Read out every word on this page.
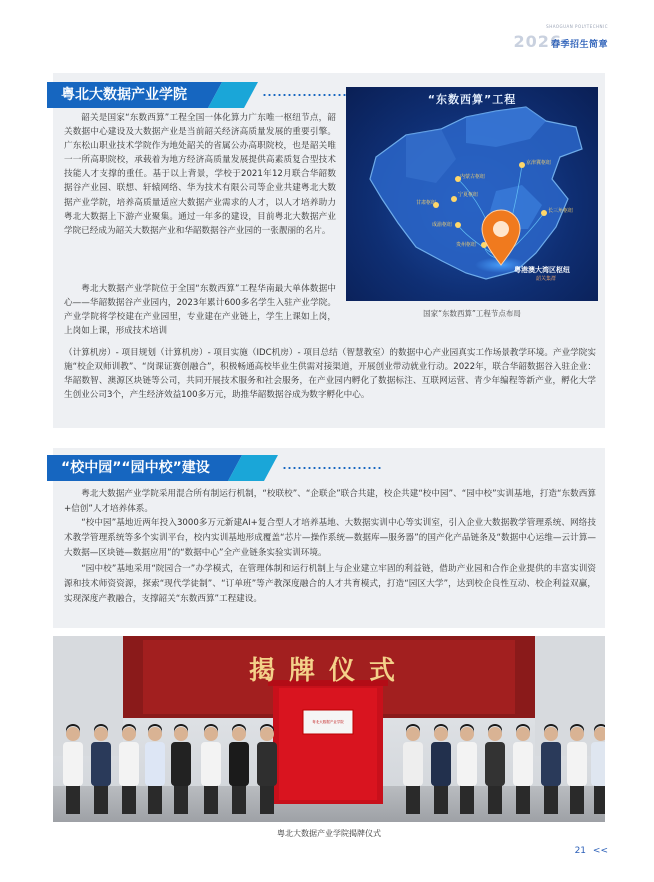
SHAOGUAN POLYTECHNIC
2026
春季招生简章
粤北大数据产业学院

韶关是国家“东数西算”工程全国一体化算力广东唯一枢纽节点，韶关数据中心建设及大数据产业是当前韶关经济高质量发展的重要引擎。广东松山职业技术学院作为地处韶关的省属公办高职院校，也是韶关唯一一所高职院校，承载着为地方经济高质量发展提供高素质复合型技术技能人才支撑的重任。基于以上背景，学校于2021年12月联合华韶数据谷产业园、联想、轩辕网络、华为技术有限公司等企业共建粤北大数据产业学院，培养高质量适应大数据产业需求的人才，以人才培养助力粤北大数据上下游产业聚集。通过一年多的建设，目前粤北大数据产业学院已经成为韶关大数据产业和华韶数据谷产业园的一张靓丽的名片。

粤北大数据产业学院位于全国“东数西算”工程华南最大单体数据中心——华韶数据谷产业园内，2023年累计600多名学生入驻产业学院。产业学院将学校建在产业园里，专业建在产业链上，学生上课如上岗，上岗如上课，形成技术培训

（计算机房）- 项目规划（计算机房）- 项目实施（IDC机房）- 项目总结（智慧教室）的数据中心产业园真实工作场景教学环境。产业学院实施“校企双师训教”、“岗课证赛创融合”，积极畅通高校毕业生供需对接渠道，开展创业带动就业行动。2022年，联合华韶数据谷入驻企业：华韶数智、澳源区块链等公司，共同开展技术服务和社会服务，在产业园内孵化了数据标注、互联网运营、青少年编程等新产业，孵化大学生创业公司3个，产生经济效益100多万元，助推华韶数据谷成为数字孵化中心。

“东数西算”工程
内蒙古枢纽
京津冀枢纽
宁夏枢纽
甘肃枢纽
长三角枢纽
成渝枢纽
贵州枢纽
粤港澳大湾区枢纽
韶关集群
国家“东数西算”工程节点布局
“校中园”“园中校”建设

粤北大数据产业学院采用混合所有制运行机制，“校联校”、“企联企”联合共建，校企共建“校中园”、“园中校”实训基地，打造“东数西算+信创”人才培养体系。

“校中园”基地近两年投入3000多万元新建AI+复合型人才培养基地、大数据实训中心等实训室，引入企业大数据教学管理系统、网络技术教学管理系统等多个实训平台，校内实训基地形成覆盖“芯片—操作系统—数据库—服务器”的国产化产品链条及“数据中心运维—云计算—大数据—区块链—数据应用”的“数据中心”全产业链条实验实训环境。

“园中校”基地采用“院园合一”办学模式，在管理体制和运行机制上与企业建立牢固的利益链，借助产业园和合作企业提供的丰富实训资源和技术师资资源，探索“现代学徒制”、“订单班”等产教深度融合的人才共育模式，打造“园区大学”，达到校企良性互动、校企利益双赢，实现深度产教融合，支撑韶关“东数西算”工程建设。

揭牌仪式
粤北大数据产业学院
粤北大数据产业学院揭牌仪式
21 <<
